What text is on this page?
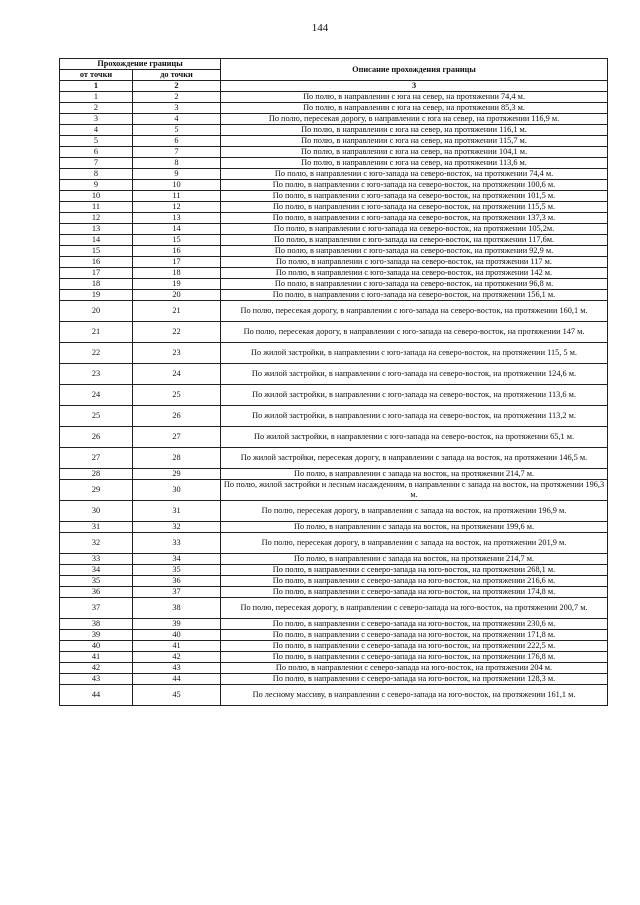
144
Прохождение границы		Описание прохождения границы
от точки	до точки	
1	2	3
1	2	По полю, в направлении с юга на север, на протяжении 74,4 м.
2	3	По полю, в направлении с юга на север, на протяжении 85,3 м.
3	4	По полю, пересекая дорогу, в направлении с юга на север, на протяжении 116,9 м.
4	5	По полю, в направлении с юга на север, на протяжении 116,1 м.
5	6	По полю, в направлении с юга на север, на протяжении 115,7 м.
6	7	По полю, в направлении с юга на север, на протяжении 104,1 м.
7	8	По полю, в направлении с юга на север, на протяжении 113,6 м.
8	9	По полю, в направлении с юго-запада на северо-восток, на протяжении 74,4 м.
9	10	По полю, в направлении с юго-запада на северо-восток, на протяжении 100,6 м.
10	11	По полю, в направлении с юго-запада на северо-восток, на протяжении 101,5 м.
11	12	По полю, в направлении с юго-запада на северо-восток, на протяжении 115,5 м.
12	13	По полю, в направлении с юго-запада на северо-восток, на протяжении 137,3 м.
13	14	По полю, в направлении с юго-запада на северо-восток, на протяжении 105,2м.
14	15	По полю, в направлении с юго-запада на северо-восток, на протяжении 117,6м.
15	16	По полю, в направлении с юго-запада на северо-восток, на протяжении 92,9 м.
16	17	По полю, в направлении с юго-запада на северо-восток, на протяжении 117 м.
17	18	По полю, в направлении с юго-запада на северо-восток, на протяжении 142 м.
18	19	По полю, в направлении с юго-запада на северо-восток, на протяжении 96,8 м.
19	20	По полю, в направлении с юго-запада на северо-восток, на протяжении 156,1 м.
20	21	По полю, пересекая дорогу, в направлении с юго-запада на северо-восток, на протяжении 160,1 м.
21	22	По полю, пересекая дорогу, в направлении с юго-запада на северо-восток, на протяжении 147 м.
22	23	По жилой застройки, в направлении с юго-запада на северо-восток, на протяжении 115, 5 м.
23	24	По жилой застройки, в направлении с юго-запада на северо-восток, на протяжении 124,6 м.
24	25	По жилой застройки, в направлении с юго-запада на северо-восток, на протяжении 113,6 м.
25	26	По жилой застройки, в направлении с юго-запада на северо-восток, на протяжении 113,2 м.
26	27	По жилой застройки, в направлении с юго-запада на северо-восток, на протяжении 65,1 м.
27	28	По жилой застройки, пересекая дорогу, в направлении с запада на восток, на протяжении 146,5 м.
28	29	По полю, в направлении с запада на восток, на протяжении 214,7 м.
29	30	По полю, жилой застройки и лесным насаждениям, в направлении с запада на восток, на протяжении 196,3 м.
30	31	По полю, пересекая дорогу, в направлении с запада на восток, на протяжении 196,9 м.
31	32	По полю, в направлении с запада на восток, на протяжении 199,6 м.
32	33	По полю, пересекая дорогу, в направлении с запада на восток, на протяжении 201,9 м.
33	34	По полю, в направлении с запада на восток, на протяжении 214,7 м.
34	35	По полю, в направлении с северо-запада на юго-восток, на протяжении 268,1 м.
35	36	По полю, в направлении с северо-запада на юго-восток, на протяжении 216,6 м.
36	37	По полю, в направлении с северо-запада на юго-восток, на протяжении 174,8 м.
37	38	По полю, пересекая дорогу, в направлении с северо-запада на юго-восток, на протяжении 200,7 м.
38	39	По полю, в направлении с северо-запада на юго-восток, на протяжении 230,6 м.
39	40	По полю, в направлении с северо-запада на юго-восток, на протяжении 171,8 м.
40	41	По полю, в направлении с северо-запада на юго-восток, на протяжении 222,5 м.
41	42	По полю, в направлении с северо-запада на юго-восток, на протяжении 176,8 м.
42	43	По полю, в направлении с северо-запада на юго-восток, на протяжении 204 м.
43	44	По полю, в направлении с северо-запада на юго-восток, на протяжении 128,3 м.
44	45	По лесному массиву, в направлении с северо-запада на юго-восток, на протяжении 161,1 м.
